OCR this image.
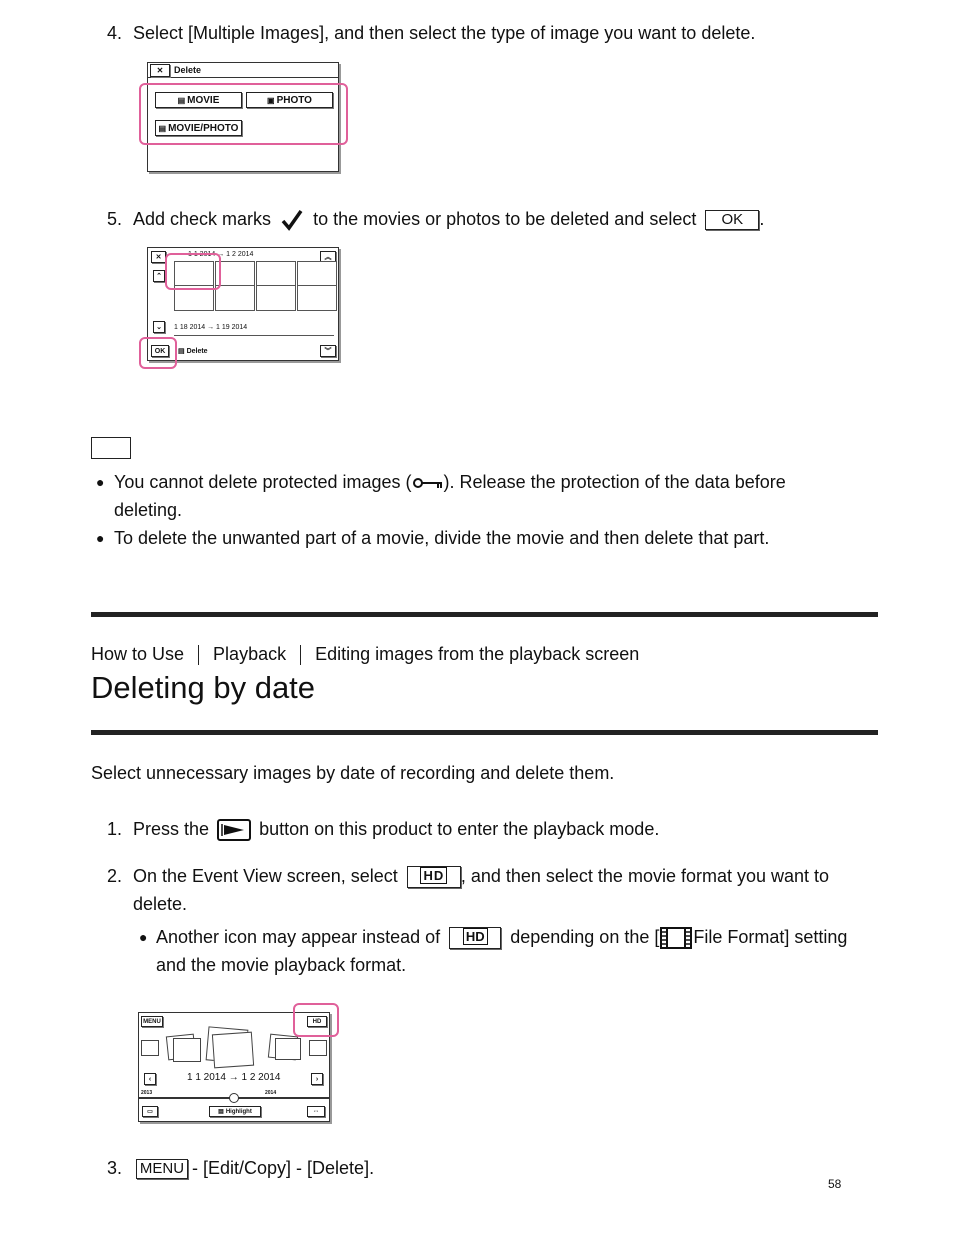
4. Select [Multiple Images], and then select the type of image you want to delete.
✕	Delete
▤ MOVIE	▣ PHOTO
▤ MOVIE/PHOTO
5. Add check marks to the movies or photos to be deleted and select OK .
✕
⌃
⌄
1 1 2014 → 1 2 2014	︽
1 18 2014 → 1 19 2014
OK	▤ Delete	︾
● You cannot delete protected images ( ). Release the protection of the data before
deleting.
● To delete the unwanted part of a movie, divide the movie and then delete that part.
How to Use Playback Editing images from the playback screen
Deleting by date
Select unnecessary images by date of recording and delete them.
1. Press the	button on this product to enter the playback mode.
2. On the Event View screen, select HD , and then select the movie format you want to
delete.
● Another icon may appear instead of HD depending on the [ File Format] setting
and the movie playback format.
MENU	HD
‹	1 1 2014 → 1 2 2014	›
2013	2014
▭	▤ Highlight	⇔
3. MENU - [Edit/Copy] - [Delete].
58
